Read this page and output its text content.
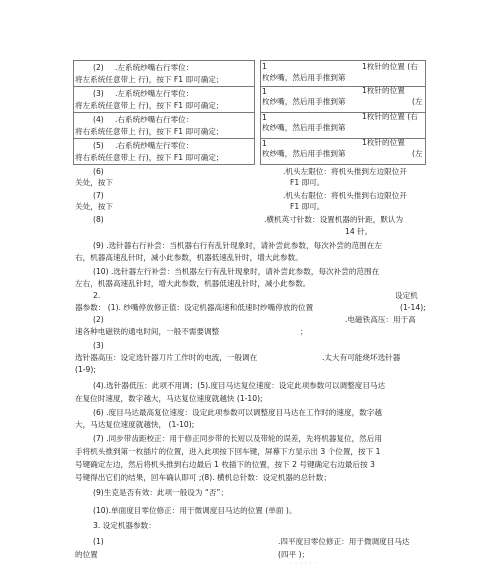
(2) .左系统纱嘴右行零位：
将左系统任意带上 行)，按下 F1 即可确定；
(3) .左系统纱嘴左行零位：
将左系统任意带上 行)，按下 F1 即可确定；
(4) .右系统纱嘴右行零位：
将右系统任意带上 行)，按下 F1 即可确定；
(5) .右系统纱嘴左行零位：
将右系统任意带上 行)，按下 F1 即可确定；
1	1枚针的位置 (右
枚纱嘴，然后用手推到第
1	1枚针的位置
枚纱嘴，然后用手推到第	(左
1	1枚针的位置 (右
枚纱嘴，然后用手推到第
1	1枚针的位置
枚纱嘴，然后用手推到第	(左
(6)	.机头左限位：将机头推到左边限位开
关处，按下	F1 即可。
(7)	.机头右限位：将机头推到右边限位开
关处，按下	F1 即可。
(8)	.横机英寸针数：设置机器的针距，默认为
14 针。
(9) .选针器右行补尝：当机器右行有乱针现象时，请补尝此参数，每次补尝的范围在左
右，机器高速乱针时，减小此参数，机器低速乱针时，增大此参数。
(10) .选针器左行补尝：当机器左行有乱针现象时，请补尝此参数，每次补尝的范围在
左右，机器高速乱针时，增大此参数，机器低速乱针时，减小此参数。
2.	设定机
器参数： (1). 纱嘴停放修正值：设定机器高速和低速时纱嘴停放的位置	(1-14);
(2)	.电磁铁高压：用于高
速各种电磁铁的通电时间，一般不需要调整	；
(3)
选针器高压：设定选针器刀片工作时的电流，一般调在	.太大有可能烧坏选针器
(1-9);
(4).选针器低压：此项不用调；(5).度目马达复位速度：设定此项参数可以调整度目马达
在复位时速度，数字越大，马达复位速度就越快 (1-10);
(6) .度目马达最高复位速度：设定此项参数可以调整度目马达在工作时的速度，数字越
大，马达复位速度就越快， (1-10);
(7) .同步带齿距校正：用于修正同步带的长短以及带轮的误差，先将机器复位，然后用
手将机头推到第一枚插片的位置，进入此项按下回车键，屏幕下方显示出 3 个位置，按下 1
号键确定左边，然后将机头推到右边最后 1 枚插下的位置，按下 2 号键确定右边最后按 3
号键得出它们的结果，回车确认即可 ;(8). 横机总针数：设定机器的总针数；
(9)生克是否有效：此项一般设为 “否”；
(10).单面度目零位修正：用于微调度目马达的位置 (单面 )。
3. 设定机器参数：
(1)	.四平度目零位修正：用于微调度目马达
的位置	(四平 )；
· · · · · ·
